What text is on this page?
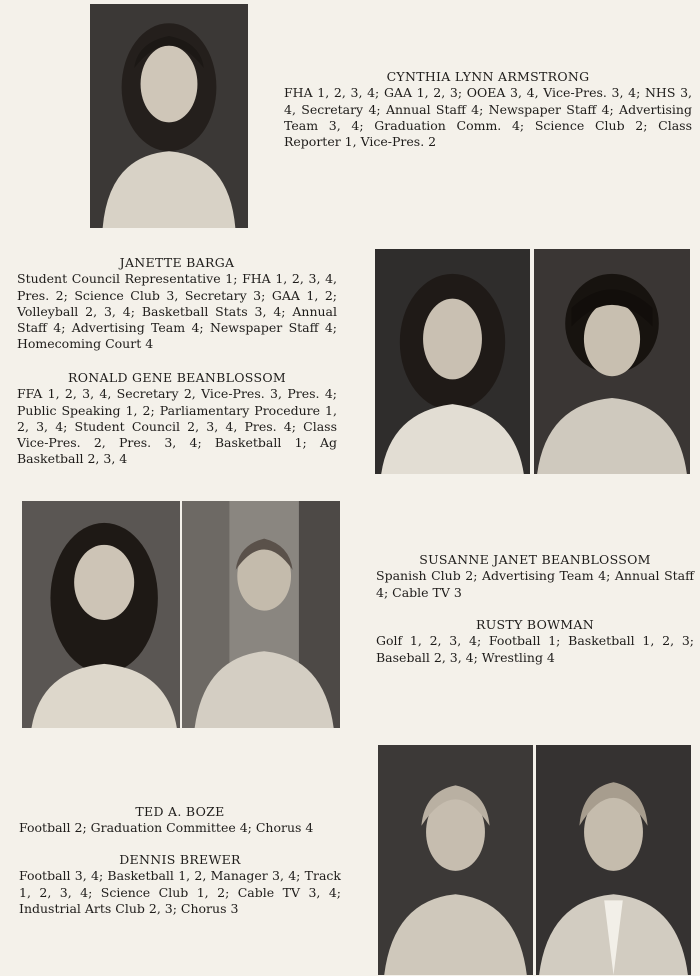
CYNTHIA LYNN ARMSTRONG
FHA 1, 2, 3, 4; GAA 1, 2, 3; OOEA 3, 4, Vice-Pres. 3, 4; NHS 3, 4, Secretary 4; Annual Staff 4; Newspaper Staff 4; Advertising Team 3, 4; Graduation Comm. 4; Science Club 2; Class Reporter 1, Vice-Pres. 2
JANETTE BARGA
Student Council Representative 1; FHA 1, 2, 3, 4, Pres. 2; Science Club 3, Secretary 3; GAA 1, 2; Volleyball 2, 3, 4; Basketball Stats 3, 4; Annual Staff 4; Advertising Team 4; Newspaper Staff 4; Homecoming Court 4
RONALD GENE BEANBLOSSOM
FFA 1, 2, 3, 4, Secretary 2, Vice-Pres. 3, Pres. 4; Public Speaking 1, 2; Parliamentary Procedure 1, 2, 3, 4; Student Council 2, 3, 4, Pres. 4; Class Vice-Pres. 2, Pres. 3, 4; Basketball 1; Ag Basketball 2, 3, 4
SUSANNE JANET BEANBLOSSOM
Spanish Club 2; Advertising Team 4; Annual Staff 4; Cable TV 3
RUSTY BOWMAN
Golf 1, 2, 3, 4; Football 1; Basketball 1, 2, 3; Baseball 2, 3, 4; Wrestling 4
TED A. BOZE
Football 2; Graduation Committee 4; Chorus 4
DENNIS BREWER
Football 3, 4; Basketball 1, 2, Manager 3, 4; Track 1, 2, 3, 4; Science Club 1, 2; Cable TV 3, 4; Industrial Arts Club 2, 3; Chorus 3
